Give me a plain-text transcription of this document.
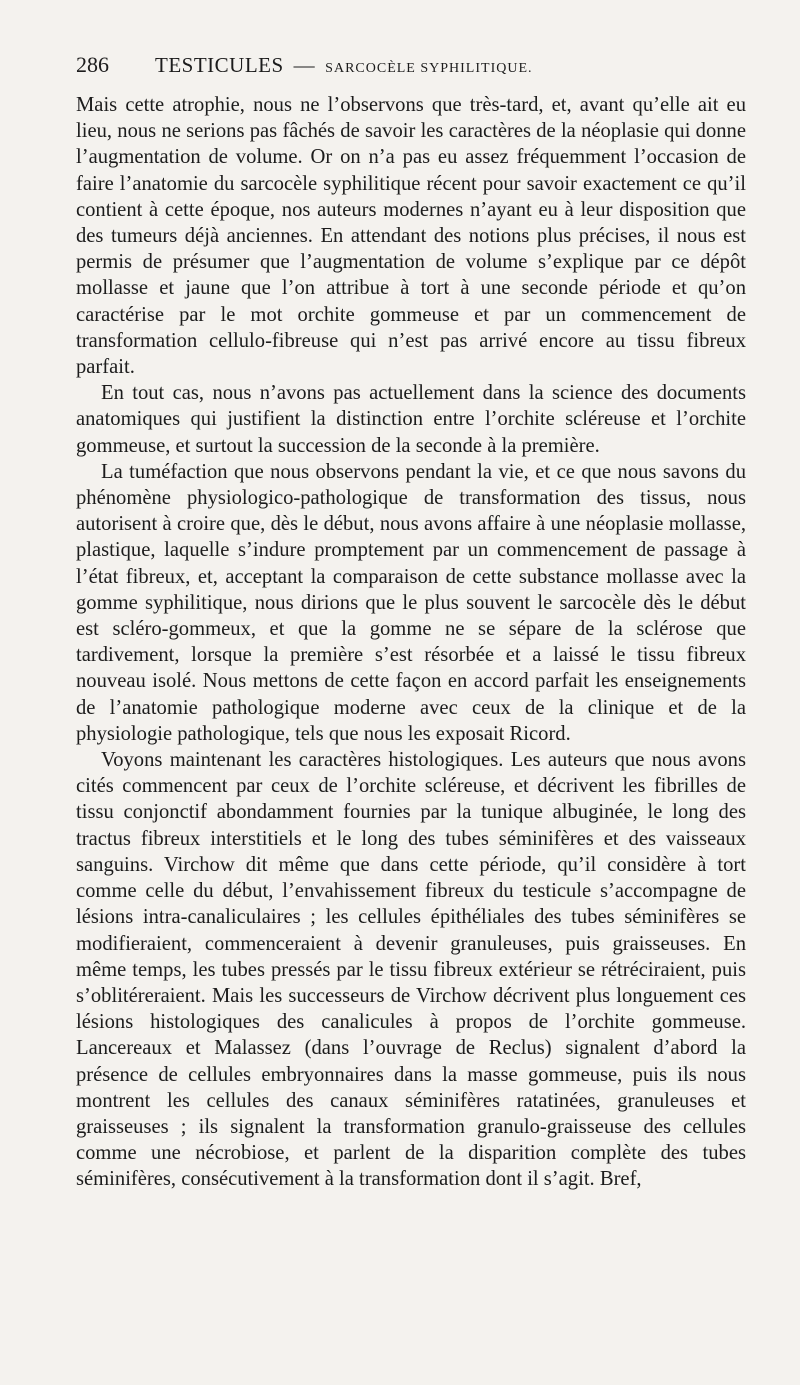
286 TESTICULES — SARCOCÈLE SYPHILITIQUE.

Mais cette atrophie, nous ne l’observons que très-tard, et, avant qu’elle ait eu lieu, nous ne serions pas fâchés de savoir les caractères de la néoplasie qui donne l’augmentation de volume. Or on n’a pas eu assez fréquemment l’occasion de faire l’anatomie du sarcocèle syphilitique récent pour savoir exactement ce qu’il contient à cette époque, nos auteurs modernes n’ayant eu à leur disposition que des tumeurs déjà anciennes. En attendant des notions plus précises, il nous est permis de présumer que l’augmentation de volume s’explique par ce dépôt mollasse et jaune que l’on attribue à tort à une seconde période et qu’on caractérise par le mot orchite gommeuse et par un commencement de transformation cellulo-fibreuse qui n’est pas arrivé encore au tissu fibreux parfait.

En tout cas, nous n’avons pas actuellement dans la science des documents anatomiques qui justifient la distinction entre l’orchite scléreuse et l’orchite gommeuse, et surtout la succession de la seconde à la première.

La tuméfaction que nous observons pendant la vie, et ce que nous savons du phénomène physiologico-pathologique de transformation des tissus, nous autorisent à croire que, dès le début, nous avons affaire à une néoplasie mollasse, plastique, laquelle s’indure promptement par un commencement de passage à l’état fibreux, et, acceptant la comparaison de cette substance mollasse avec la gomme syphilitique, nous dirions que le plus souvent le sarcocèle dès le début est scléro-gommeux, et que la gomme ne se sépare de la sclérose que tardivement, lorsque la première s’est résorbée et a laissé le tissu fibreux nouveau isolé. Nous mettons de cette façon en accord parfait les enseignements de l’anatomie pathologique moderne avec ceux de la clinique et de la physiologie pathologique, tels que nous les exposait Ricord.

Voyons maintenant les caractères histologiques. Les auteurs que nous avons cités commencent par ceux de l’orchite scléreuse, et décrivent les fibrilles de tissu conjonctif abondamment fournies par la tunique albuginée, le long des tractus fibreux interstitiels et le long des tubes séminifères et des vaisseaux sanguins. Virchow dit même que dans cette période, qu’il considère à tort comme celle du début, l’envahissement fibreux du testicule s’accompagne de lésions intra-canaliculaires ; les cellules épithéliales des tubes séminifères se modifieraient, commenceraient à devenir granuleuses, puis graisseuses. En même temps, les tubes pressés par le tissu fibreux extérieur se rétréciraient, puis s’oblitéreraient. Mais les successeurs de Virchow décrivent plus longuement ces lésions histologiques des canalicules à propos de l’orchite gommeuse. Lancereaux et Malassez (dans l’ouvrage de Reclus) signalent d’abord la présence de cellules embryonnaires dans la masse gommeuse, puis ils nous montrent les cellules des canaux séminifères ratatinées, granuleuses et graisseuses ; ils signalent la transformation granulo-graisseuse des cellules comme une nécrobiose, et parlent de la disparition complète des tubes séminifères, consécutivement à la transformation dont il s’agit. Bref,
